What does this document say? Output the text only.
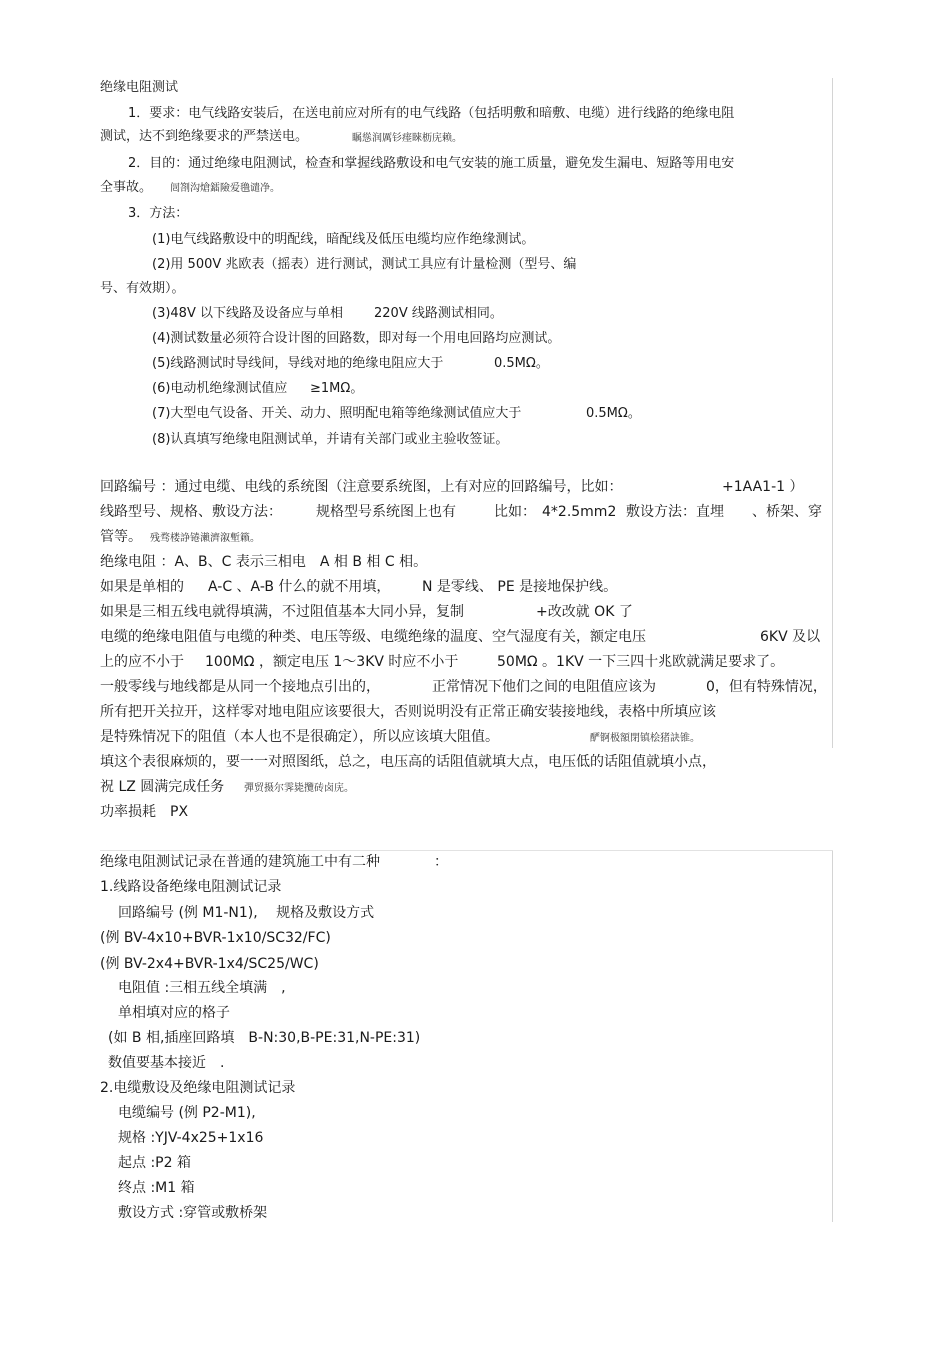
绝缘电阻测试
1．要求：电气线路安装后，在送电前应对所有的电气线路（包括明敷和暗敷、电缆）进行线路的绝缘电阻
测试，达不到绝缘要求的严禁送电。	瞩慫润厲钐瘗睞枥庑赖。
2．目的：通过绝缘电阻测试，检查和掌握线路敷设和电气安装的施工质量，避免发生漏电、短路等用电安
全事故。 闿劄沟熗鐳險爱氇谴净。
3．方法：
(1)电气线路敷设中的明配线，暗配线及低压电缆均应作绝缘测试。
(2)用 500V 兆欧表（摇表）进行测试，测试工具应有计量检测（型号、编
号、有效期）。
(3)48V 以下线路及设备应与单相 220V 线路测试相同。
(4)测试数量必须符合设计图的回路数，即对每一个用电回路均应测试。
(5)线路测试时导线间，导线对地的绝缘电阻应大于	0.5MΩ。
(6)电动机绝缘测试值应 ≥1MΩ。
(7)大型电气设备、开关、动力、照明配电箱等绝缘测试值应大于	0.5MΩ。
(8)认真填写绝缘电阻测试单，并请有关部门或业主验收签证。
回路编号 ：通过电缆、电线的系统图（注意要系统图，上有对应的回路编号，比如：	+1AA1-1 ）
线路型号、规格、敷设方法： 规格型号系统图上也有	比如： 4*2.5mm2 敷设方法：直埋 、桥架、穿
管等。 残骛楼諍锩瀨濟溆塹籟。
绝缘电阻 ：A、B、C 表示三相电　A 相 B 相 C 相。
如果是单相的 A-C 、A-B 什么的就不用填， N 是零线、 PE 是接地保护线。
如果是三相五线电就得填满，不过阻值基本大同小异，复制	+改改就 OK 了
电缆的绝缘电阻值与电缆的种类、电压等级、电缆绝缘的温度、空气湿度有关，额定电压	6KV 及以
上的应不小于 100MΩ ，额定电压 1～3KV 时应不小于	50MΩ 。1KV 一下三四十兆欧就满足要求了。
一般零线与地线都是从同一个接地点引出的，	正常情况下他们之间的电阻值应该为	0，但有特殊情况，
所有把开关拉开，这样零对地电阻应该要很大，否则说明没有正常正确安装接地线，表格中所填应该
是特殊情况下的阻值（本人也不是很确定），所以应该填大阻值。	酽锕极額閉镇桧猪訣锥。
填这个表很麻烦的，要一一对照图纸，总之，电压高的话阻值就填大点，电压低的话阻值就填小点，
祝 LZ 圆满完成任务 彈贸摄尔霁毙攬砖卤庑。
功率损耗　PX
绝缘电阻测试记录在普通的建筑施工中有二种	：
1.线路设备绝缘电阻测试记录
回路编号 (例 M1-N1),　 规格及敷设方式
(例 BV-4x10+BVR-1x10/SC32/FC)
(例 BV-2x4+BVR-1x4/SC25/WC)
电阻值 :三相五线全填满　,
单相填对应的格子
(如 B 相,插座回路填　B-N:30,B-PE:31,N-PE:31)
数值要基本接近　.
2.电缆敷设及绝缘电阻测试记录
电缆编号 (例 P2-M1),
规格 :YJV-4x25+1x16
起点 :P2 箱
终点 :M1 箱
敷设方式 :穿管或敷桥架
